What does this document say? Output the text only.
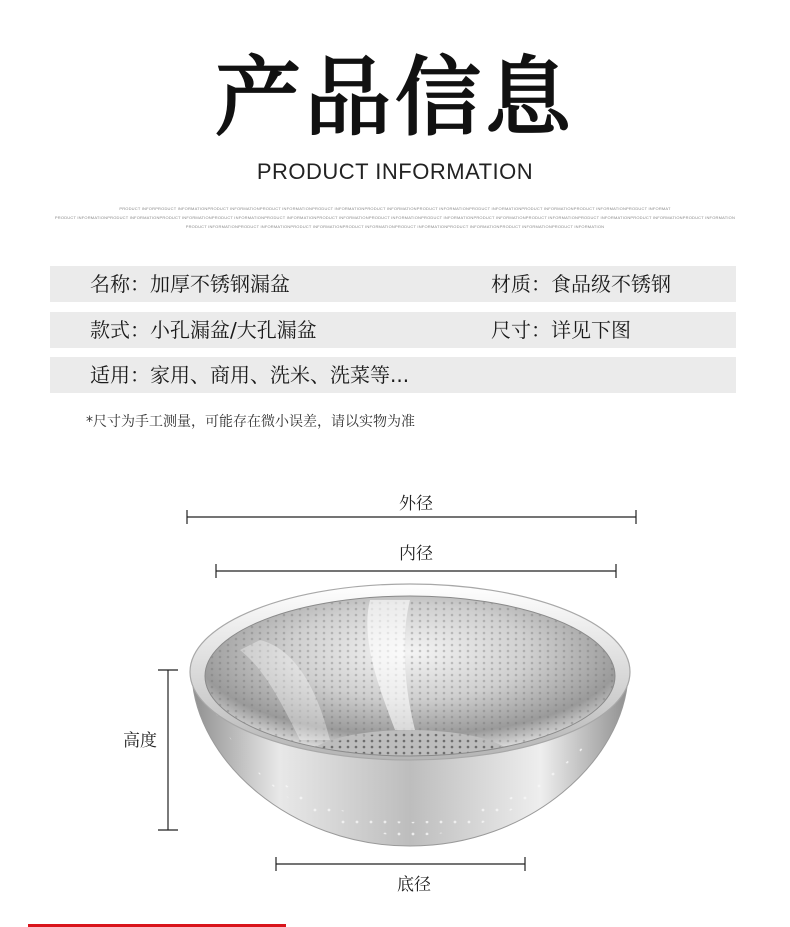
产品信息
PRODUCT INFORMATION
PRODUCT INFORPRODUCT INFORMATIONPRODUCT INFORMATIONPRODUCT INFORMATIONPRODUCT INFORMATIONPRODUCT INFORMATIONPRODUCT INFORMATIONPRODUCT INFORMATIONPRODUCT INFORMATIONPRODUCT INFORMATIONPRODUCT INFORMAT
PRODUCT INFORMATIONPRODUCT INFORMATIONPRODUCT INFORMATIONPRODUCT INFORMATIONPRODUCT INFORMATIONPRODUCT INFORMATIONPRODUCT INFORMATIONPRODUCT INFORMATIONPRODUCT INFORMATIONPRODUCT INFORMATIONPRODUCT INFORMATIONPRODUCT INFORMATIONPRODUCT INFORMATION
PRODUCT INFORMATIONPRODUCT INFORMATIONPRODUCT INFORMATIONPRODUCT INFORMATIONPRODUCT INFORMATIONPRODUCT INFORMATIONPRODUCT INFORMATIONPRODUCT INFORMATION
名称：加厚不锈钢漏盆	材质：食品级不锈钢
款式：小孔漏盆/大孔漏盆	尺寸：详见下图
适用：家用、商用、洗米、洗菜等...
*尺寸为手工测量，可能存在微小误差，请以实物为准
外径
内径
高度
底径
